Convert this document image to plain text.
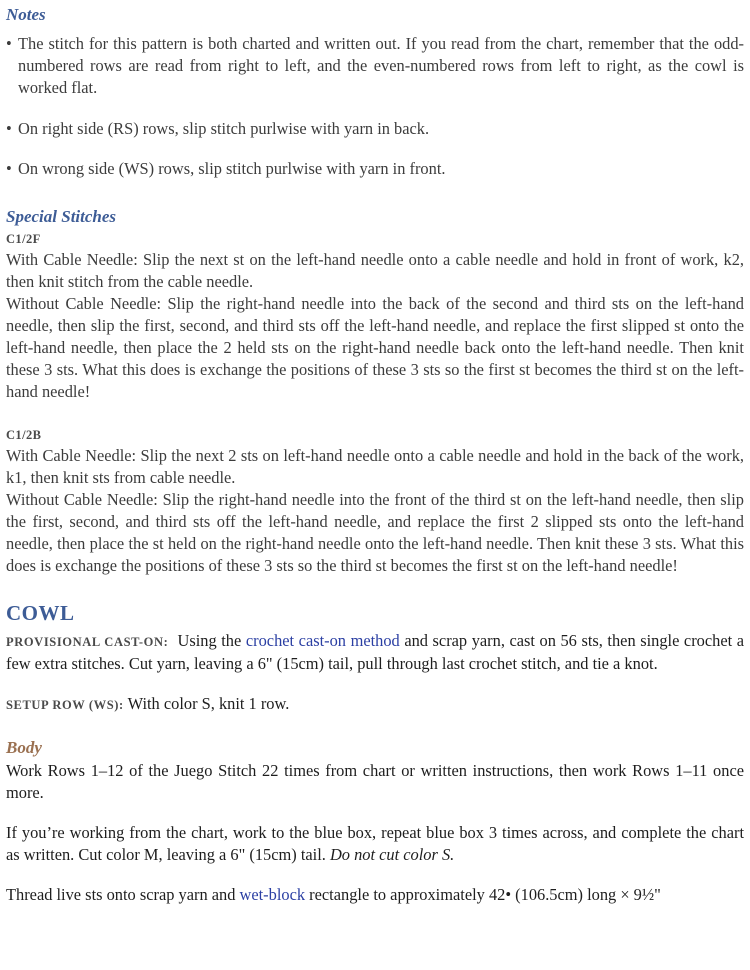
Notes
• The stitch for this pattern is both charted and written out. If you read from the chart, remember that the odd-numbered rows are read from right to left, and the even-numbered rows from left to right, as the cowl is worked flat.
• On right side (RS) rows, slip stitch purlwise with yarn in back.
• On wrong side (WS) rows, slip stitch purlwise with yarn in front.
Special Stitches
C1/2F

With Cable Needle: Slip the next st on the left-hand needle onto a cable needle and hold in front of work, k2, then knit stitch from the cable needle.

Without Cable Needle: Slip the right-hand needle into the back of the second and third sts on the left-hand needle, then slip the first, second, and third sts off the left-hand needle, and replace the first slipped st onto the left-hand needle, then place the 2 held sts on the right-hand needle back onto the left-hand needle. Then knit these 3 sts. What this does is exchange the positions of these 3 sts so the first st becomes the third st on the left-hand needle!

C1/2B

With Cable Needle: Slip the next 2 sts on left-hand needle onto a cable needle and hold in the back of the work, k1, then knit sts from cable needle.

Without Cable Needle: Slip the right-hand needle into the front of the third st on the left-hand needle, then slip the first, second, and third sts off the left-hand needle, and replace the first 2 slipped sts onto the left-hand needle, then place the st held on the right-hand needle onto the left-hand needle. Then knit these 3 sts. What this does is exchange the positions of these 3 sts so the third st becomes the first st on the left-hand needle!

COWL

PROVISIONAL CAST-ON: Using the crochet cast-on method and scrap yarn, cast on 56 sts, then single crochet a few extra stitches. Cut yarn, leaving a 6" (15cm) tail, pull through last crochet stitch, and tie a knot.

SETUP ROW (WS): With color S, knit 1 row.

Body

Work Rows 1–12 of the Juego Stitch 22 times from chart or written instructions, then work Rows 1–11 once more.

If you’re working from the chart, work to the blue box, repeat blue box 3 times across, and complete the chart as written. Cut color M, leaving a 6" (15cm) tail. Do not cut color S.

Thread live sts onto scrap yarn and wet-block rectangle to approximately 42• (106.5cm) long × 9½"
